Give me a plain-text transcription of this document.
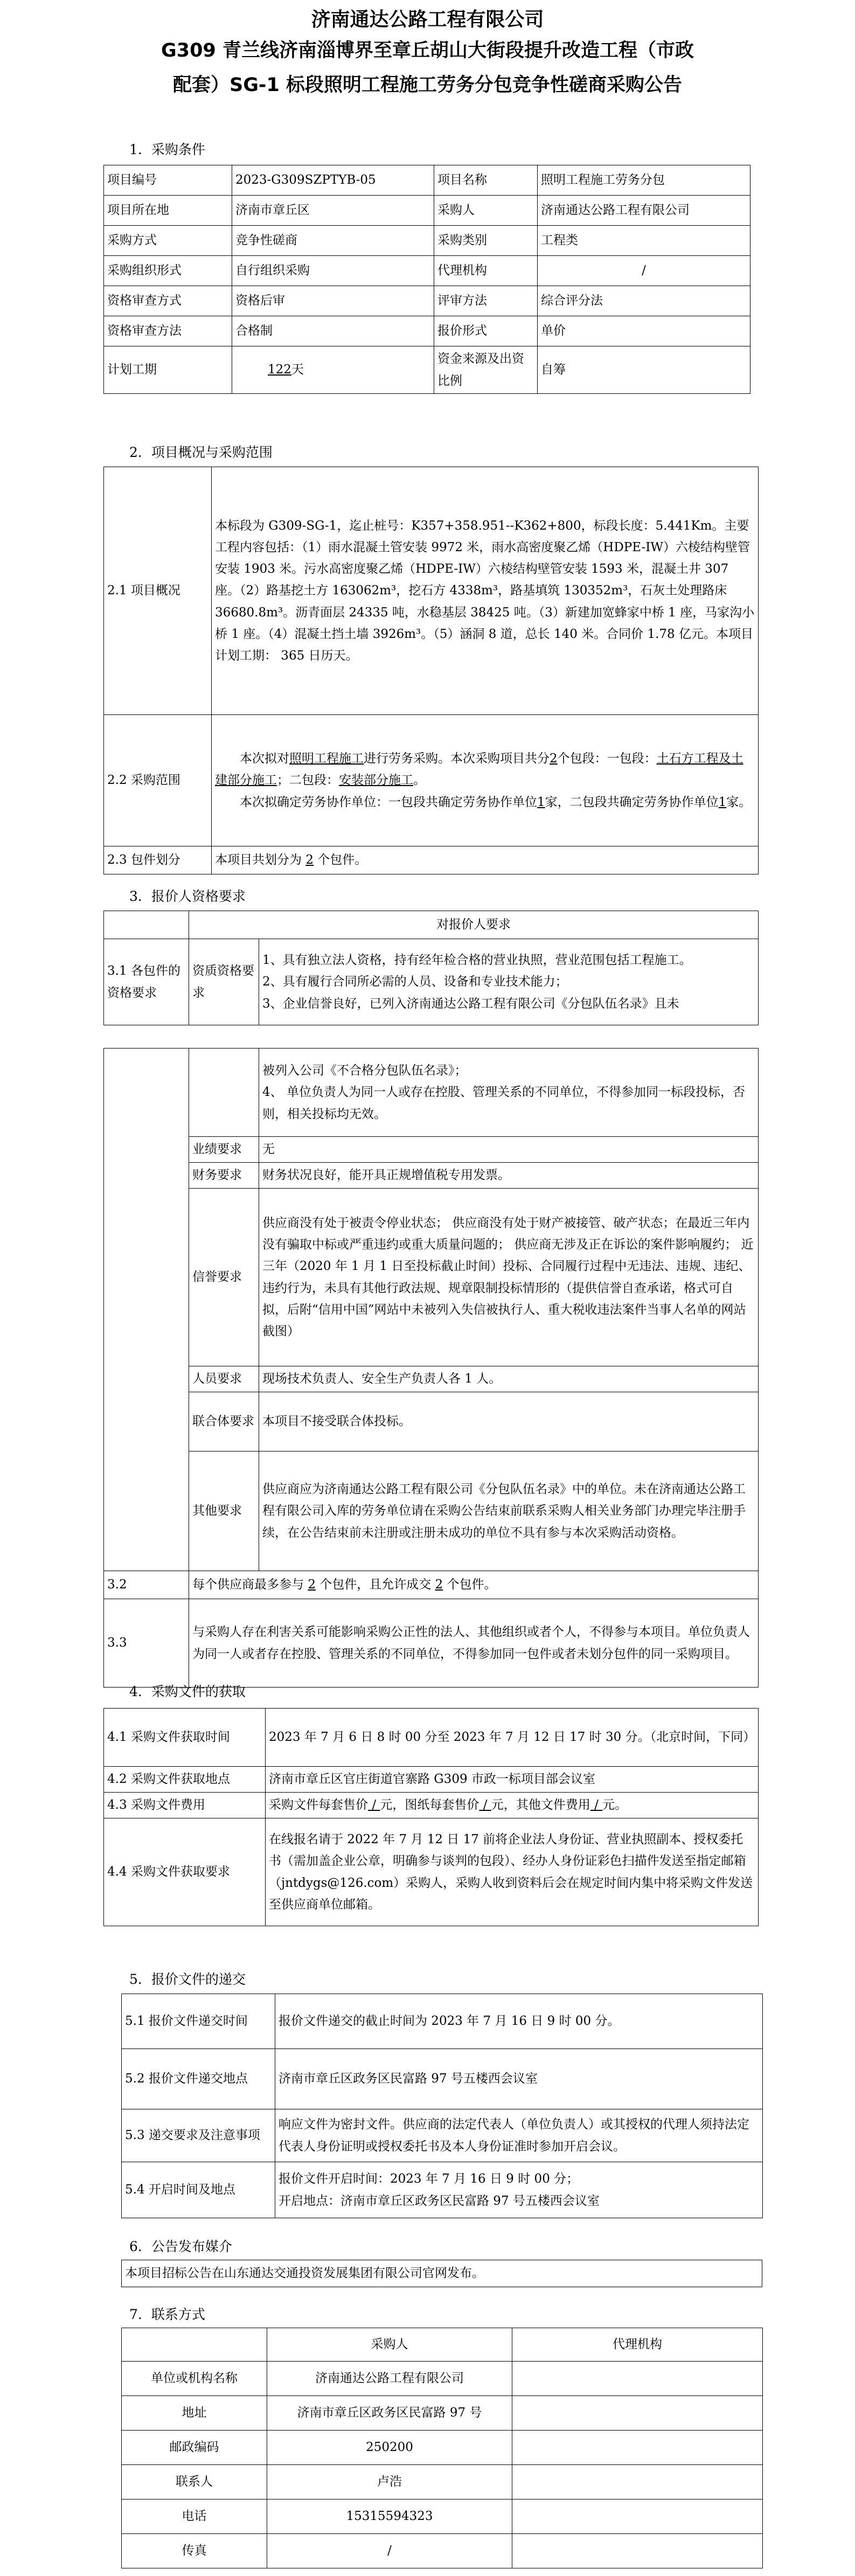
济南通达公路工程有限公司
G309 青兰线济南淄博界至章丘胡山大街段提升改造工程（市政
配套）SG-1 标段照明工程施工劳务分包竞争性磋商采购公告
1．采购条件
项目编号	2023-G309SZPTYB-05	项目名称	照明工程施工劳务分包
项目所在地	济南市章丘区	采购人	济南通达公路工程有限公司
采购方式	竞争性磋商	采购类别	工程类
采购组织形式	自行组织采购	代理机构	/
资格审查方式	资格后审	评审方法	综合评分法
资格审查方法	合格制	报价形式	单价
计划工期	122天	资金来源及出资比例	自筹
2．项目概况与采购范围
2.1 项目概况	本标段为 G309-SG-1，迄止桩号：K357+358.951--K362+800，标段长度：5.441Km。主要工程内容包括：（1）雨水混凝土管安装 9972 米，雨水高密度聚乙烯（HDPE-IW）六棱结构壁管安装 1903 米。污水高密度聚乙烯（HDPE-IW）六棱结构壁管安装 1593 米，混凝土井 307 座。（2）路基挖土方 163062m³，挖石方 4338m³，路基填筑 130352m³，石灰土处理路床 36680.8m³。沥青面层 24335 吨，水稳基层 38425 吨。（3）新建加宽蜂家中桥 1 座，马家沟小桥 1 座。（4）混凝土挡土墙 3926m³。（5）涵洞 8 道，总长 140 米。合同价 1.78 亿元。本项目计划工期： 365 日历天。
2.2 采购范围	本次拟对照明工程施工进行劳务采购。本次采购项目共分2个包段：一包段：土石方工程及土建部分施工；二包段：安装部分施工。
本次拟确定劳务协作单位：一包段共确定劳务协作单位1家，二包段共确定劳务协作单位1家。

2.3 包件划分	本项目共划分为 2 个包件。
3．报价人资格要求
	对报价人要求	
3.1 各包件的资格要求	资质资格要求	1、具有独立法人资格，持有经年检合格的营业执照，营业范围包括工程施工。
2、具有履行合同所必需的人员、设备和专业技术能力；
3、企业信誉良好，已列入济南通达公路工程有限公司《分包队伍名录》且未

		被列入公司《不合格分包队伍名录》；
4、 单位负责人为同一人或存在控股、管理关系的不同单位，不得参加同一标段投标，否则，相关投标均无效。

	业绩要求	无
	财务要求	财务状况良好，能开具正规增值税专用发票。
	信誉要求	供应商没有处于被责令停业状态； 供应商没有处于财产被接管、破产状态；在最近三年内没有骗取中标或严重违约或重大质量问题的； 供应商无涉及正在诉讼的案件影响履约； 近三年（2020 年 1 月 1 日至投标截止时间）投标、合同履行过程中无违法、违规、违纪、违约行为，未具有其他行政法规、规章限制投标情形的（提供信誉自查承诺，格式可自拟，后附“信用中国”网站中未被列入失信被执行人、重大税收违法案件当事人名单的网站截图）
	人员要求	现场技术负责人、安全生产负责人各 1 人。
	联合体要求	本项目不接受联合体投标。
	其他要求	供应商应为济南通达公路工程有限公司《分包队伍名录》中的单位。未在济南通达公路工程有限公司入库的劳务单位请在采购公告结束前联系采购人相关业务部门办理完毕注册手续，在公告结束前未注册或注册未成功的单位不具有参与本次采购活动资格。
3.2	每个供应商最多参与 2 个包件，且允许成交 2 个包件。	
3.3	与采购人存在利害关系可能影响采购公正性的法人、其他组织或者个人，不得参与本项目。单位负责人为同一人或者存在控股、管理关系的不同单位，不得参加同一包件或者未划分包件的同一采购项目。	
4．采购文件的获取
4.1 采购文件获取时间	2023 年 7 月 6 日 8 时 00 分至 2023 年 7 月 12 日 17 时 30 分。（北京时间，下同）
4.2 采购文件获取地点	济南市章丘区官庄街道官寨路 G309 市政一标项目部会议室
4.3 采购文件费用	采购文件每套售价 / 元，图纸每套售价 / 元，其他文件费用 / 元。
4.4 采购文件获取要求	在线报名请于 2022 年 7 月 12 日 17 前将企业法人身份证、营业执照副本、授权委托书（需加盖企业公章，明确参与谈判的包段）、经办人身份证彩色扫描件发送至指定邮箱（jntdygs@126.com）采购人，采购人收到资料后会在规定时间内集中将采购文件发送至供应商单位邮箱。
5．报价文件的递交
5.1 报价文件递交时间	报价文件递交的截止时间为 2023 年 7 月 16 日 9 时 00 分。
5.2 报价文件递交地点	济南市章丘区政务区民富路 97 号五楼西会议室
5.3 递交要求及注意事项	响应文件为密封文件。供应商的法定代表人（单位负责人）或其授权的代理人须持法定代表人身份证明或授权委托书及本人身份证准时参加开启会议。
5.4 开启时间及地点	报价文件开启时间：2023 年 7 月 16 日 9 时 00 分；
开启地点：济南市章丘区政务区民富路 97 号五楼西会议室
6．公告发布媒介
本项目招标公告在山东通达交通投资发展集团有限公司官网发布。
7．联系方式
	采购人	代理机构
单位或机构名称	济南通达公路工程有限公司	
地址	济南市章丘区政务区民富路 97 号	
邮政编码	250200	
联系人	卢浩	
电话	15315594323	
传真	/	
